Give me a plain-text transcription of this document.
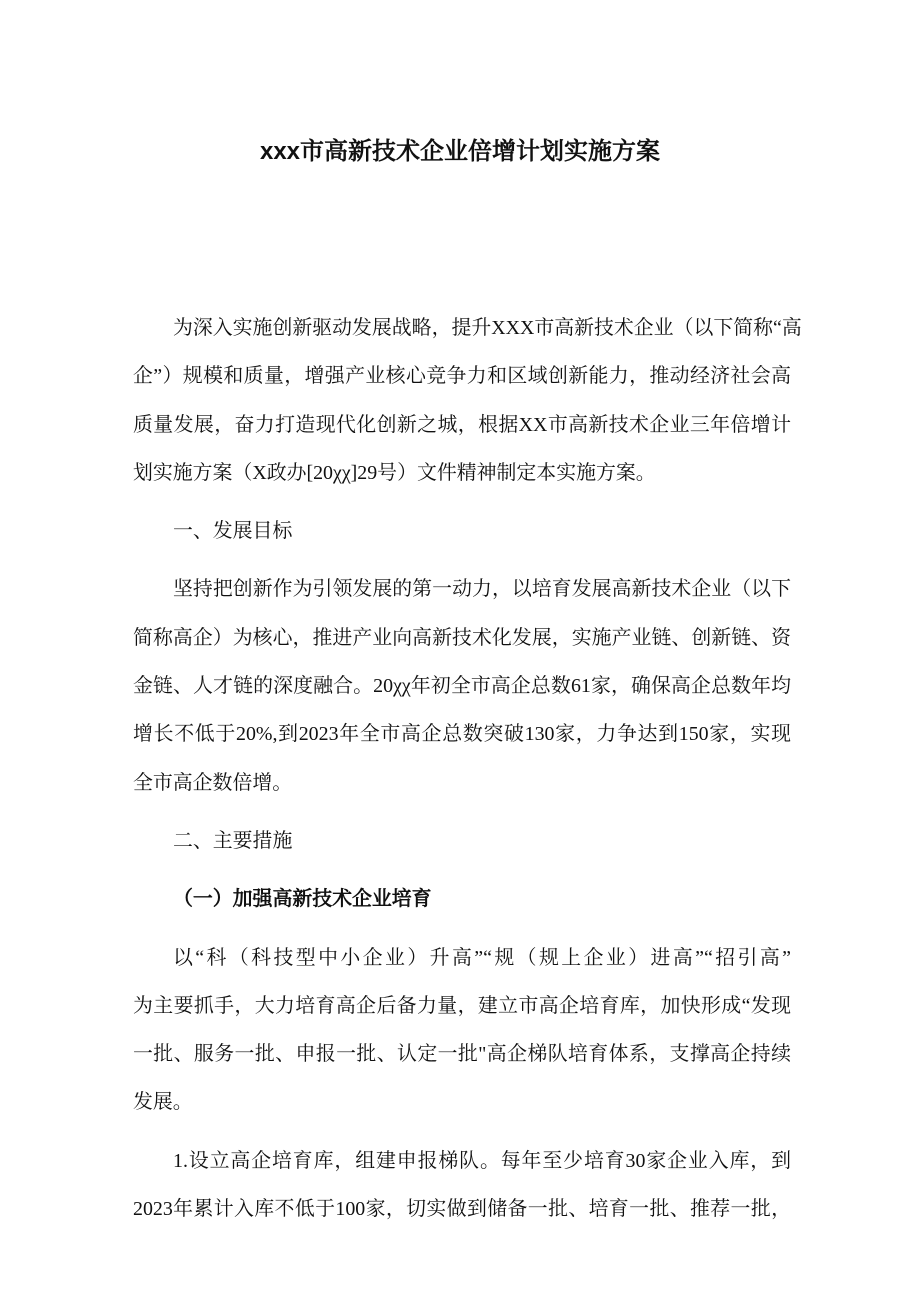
xxx市高新技术企业倍增计划实施方案
为深入实施创新驱动发展战略，提升XXX市高新技术企业（以下简称“高
企”）规模和质量，增强产业核心竞争力和区域创新能力，推动经济社会高
质量发展，奋力打造现代化创新之城，根据XX市高新技术企业三年倍增计
划实施方案（X政办[20χχ]29号）文件精神制定本实施方案。
一、发展目标
坚持把创新作为引领发展的第一动力，以培育发展高新技术企业（以下
简称高企）为核心，推进产业向高新技术化发展，实施产业链、创新链、资
金链、人才链的深度融合。20χχ年初全市高企总数61家，确保高企总数年均
增长不低于20%,到2023年全市高企总数突破130家，力争达到150家，实现
全市高企数倍增。
二、主要措施
（一）加强高新技术企业培育
以“科（科技型中小企业）升高”“规（规上企业）进高”“招引高”
为主要抓手，大力培育高企后备力量，建立市高企培育库，加快形成“发现
一批、服务一批、申报一批、认定一批"高企梯队培育体系，支撑高企持续
发展。
1.设立高企培育库，组建申报梯队。每年至少培育30家企业入库，到
2023年累计入库不低于100家，切实做到储备一批、培育一批、推荐一批，
